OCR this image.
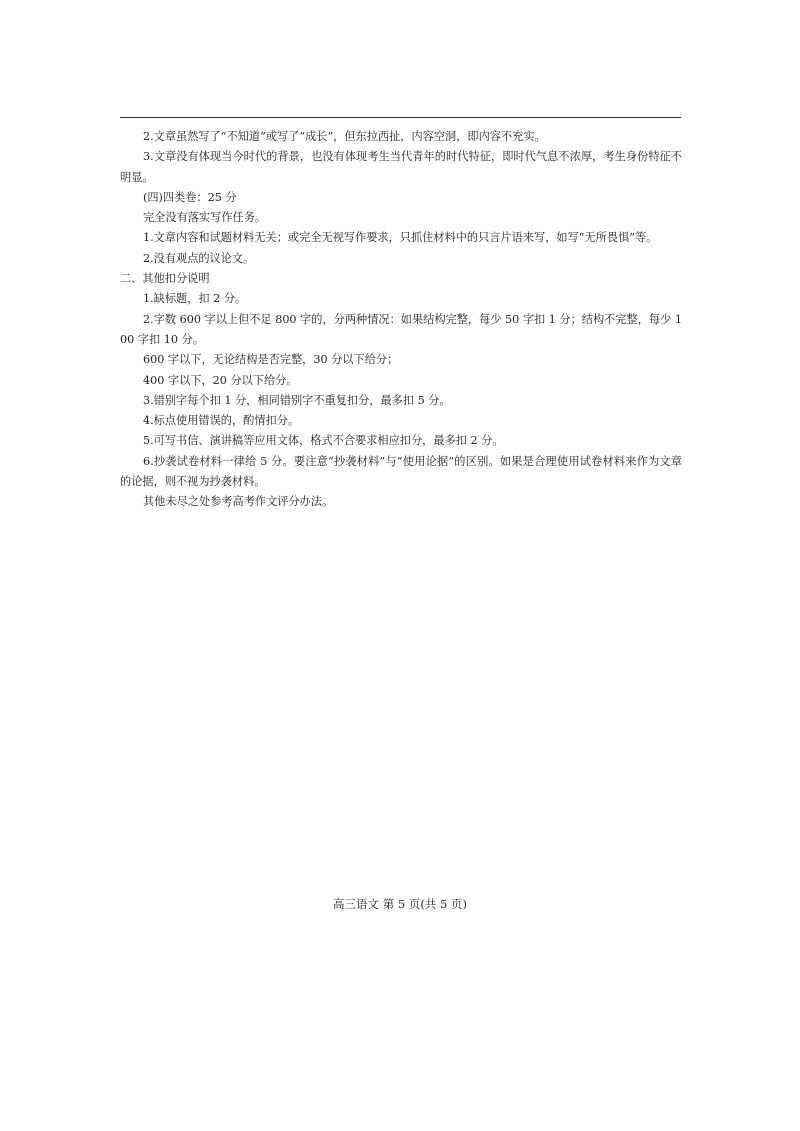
2.文章虽然写了“不知道”或写了“成长”，但东拉西扯，内容空洞，即内容不充实。

3.文章没有体现当今时代的背景，也没有体现考生当代青年的时代特征，即时代气息不浓厚，考生身份特征不明显。

(四)四类卷：25 分

完全没有落实写作任务。

1.文章内容和试题材料无关；或完全无视写作要求，只抓住材料中的只言片语来写，如写“无所畏惧”等。

2.没有观点的议论文。

二、其他扣分说明

1.缺标题，扣 2 分。

2.字数 600 字以上但不足 800 字的，分两种情况：如果结构完整，每少 50 字扣 1 分；结构不完整，每少 100 字扣 10 分。

600 字以下，无论结构是否完整，30 分以下给分；

400 字以下，20 分以下给分。

3.错别字每个扣 1 分，相同错别字不重复扣分，最多扣 5 分。

4.标点使用错误的，酌情扣分。

5.可写书信、演讲稿等应用文体，格式不合要求相应扣分，最多扣 2 分。

6.抄袭试卷材料一律给 5 分。要注意“抄袭材料”与“使用论据”的区别。如果是合理使用试卷材料来作为文章的论据，则不视为抄袭材料。

其他未尽之处参考高考作文评分办法。

高三语文 第 5 页(共 5 页)
